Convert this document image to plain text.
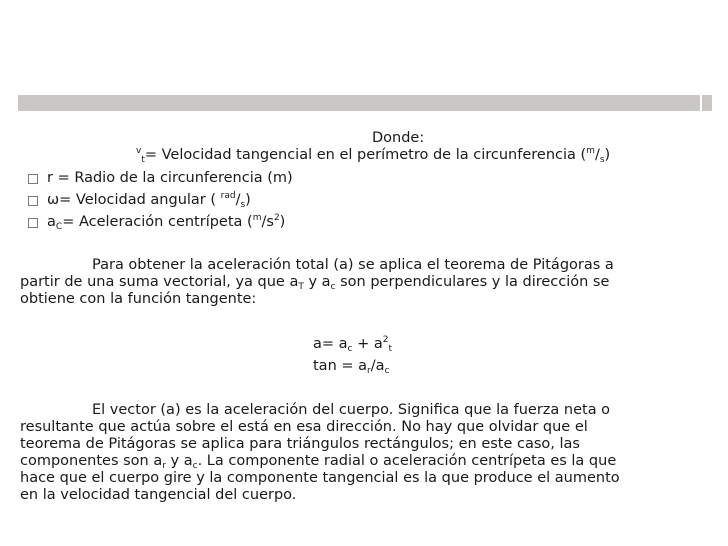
Donde:
$^v_t$= Velocidad tangencial en el perímetro de la circunferencia $(^m/_s)$
r = Radio de la circunferencia (m)
ω= Velocidad angular ( $^{rad}/_s$)
$a_C=$ Aceleración centrípeta $(^m/s^2)$
Para obtener la aceleración total (a) se aplica el teorema de Pitágoras a
partir de una suma vectorial, ya que $a_T$ y $a_c$ son perpendiculares y la dirección se
obtiene con la función tangente:
$a= a_c + a^2_t$
$\tan = a_r/a_c$
El vector (a) es la aceleración del cuerpo. Significa que la fuerza neta o
resultante que actúa sobre el está en esa dirección. No hay que olvidar que el
teorema de Pitágoras se aplica para triángulos rectángulos; en este caso, las
componentes son $a_r$ y $a_c$. La componente radial o aceleración centrípeta es la que
hace que el cuerpo gire y la componente tangencial es la que produce el aumento
en la velocidad tangencial del cuerpo.
